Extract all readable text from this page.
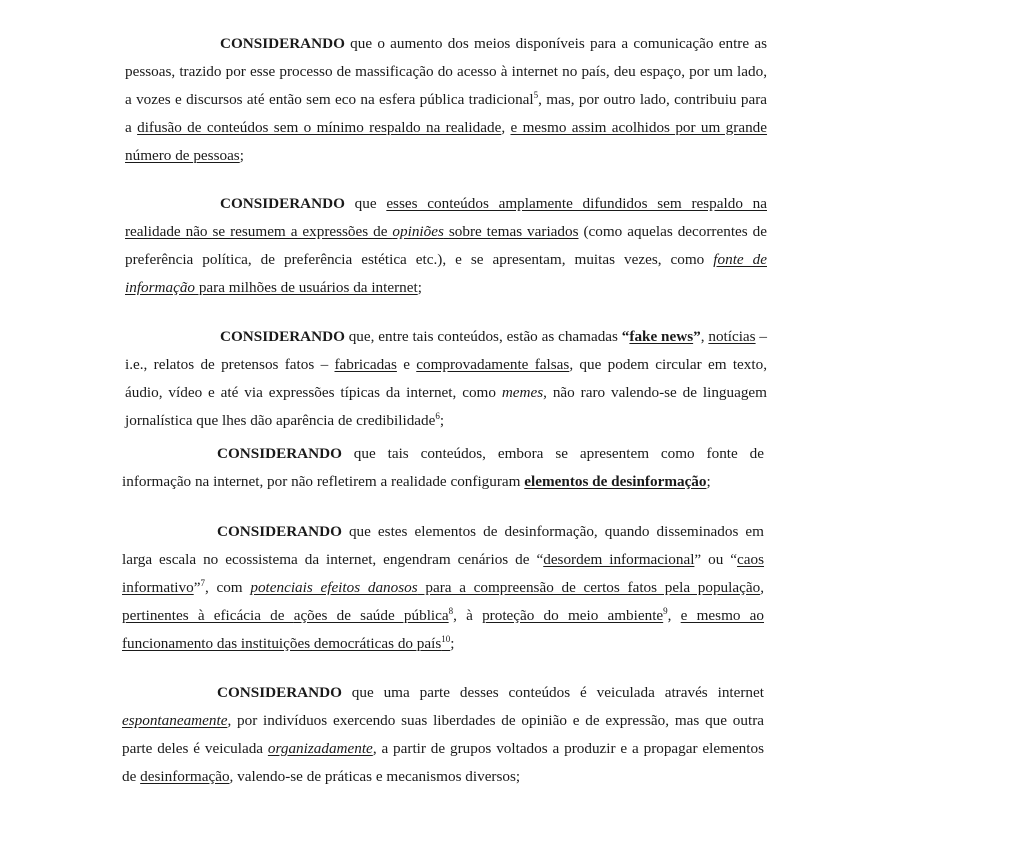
CONSIDERANDO que o aumento dos meios disponíveis para a comunicação entre as pessoas, trazido por esse processo de massificação do acesso à internet no país, deu espaço, por um lado, a vozes e discursos até então sem eco na esfera pública tradicional$^5$, mas, por outro lado, contribuiu para a difusão de conteúdos sem o mínimo respaldo na realidade, e mesmo assim acolhidos por um grande número de pessoas;

CONSIDERANDO que esses conteúdos amplamente difundidos sem respaldo na realidade não se resumem a expressões de opiniões sobre temas variados (como aquelas decorrentes de preferência política, de preferência estética etc.), e se apresentam, muitas vezes, como fonte de informação para milhões de usuários da internet;

CONSIDERANDO que, entre tais conteúdos, estão as chamadas “fake news”, notícias – i.e., relatos de pretensos fatos – fabricadas e comprovadamente falsas, que podem circular em texto, áudio, vídeo e até via expressões típicas da internet, como memes, não raro valendo-se de linguagem jornalística que lhes dão aparência de credibilidade$^6$;

CONSIDERANDO que tais conteúdos, embora se apresentem como fonte de informação na internet, por não refletirem a realidade configuram elementos de desinformação;

CONSIDERANDO que estes elementos de desinformação, quando disseminados em larga escala no ecossistema da internet, engendram cenários de “desordem informacional” ou “caos informativo”$^7$, com potenciais efeitos danosos para a compreensão de certos fatos pela população, pertinentes à eficácia de ações de saúde pública$^8$, à proteção do meio ambiente$^9$, e mesmo ao funcionamento das instituições democráticas do país$^{10}$;

CONSIDERANDO que uma parte desses conteúdos é veiculada através internet espontaneamente, por indivíduos exercendo suas liberdades de opinião e de expressão, mas que outra parte deles é veiculada organizadamente, a partir de grupos voltados a produzir e a propagar elementos de desinformação, valendo-se de práticas e mecanismos diversos;
